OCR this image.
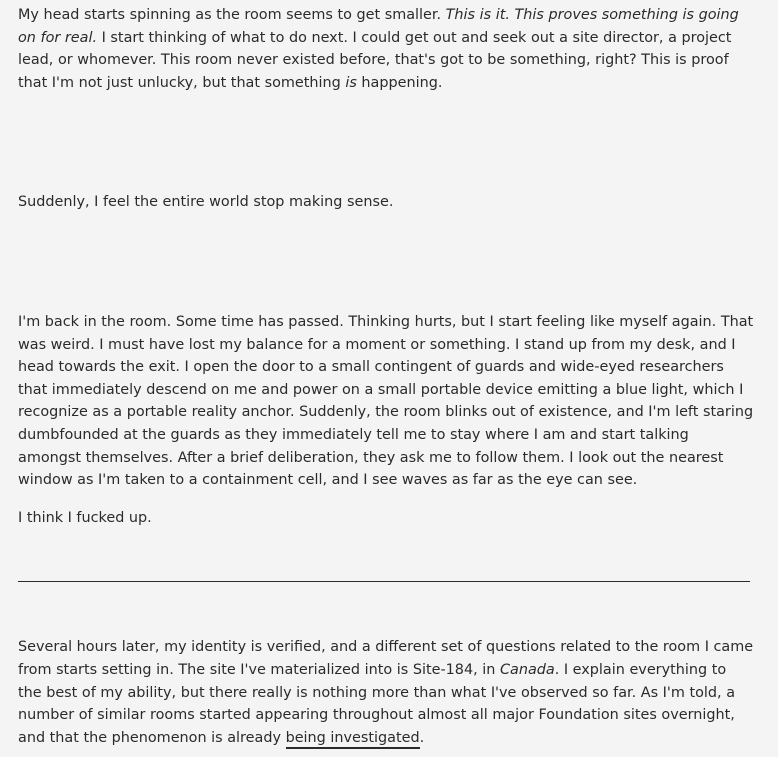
My head starts spinning as the room seems to get smaller. This is it. This proves something is going on for real. I start thinking of what to do next. I could get out and seek out a site director, a project lead, or whomever. This room never existed before, that's got to be something, right? This is proof that I'm not just unlucky, but that something is happening.

Suddenly, I feel the entire world stop making sense.

I'm back in the room. Some time has passed. Thinking hurts, but I start feeling like myself again. That was weird. I must have lost my balance for a moment or something. I stand up from my desk, and I head towards the exit. I open the door to a small contingent of guards and wide-eyed researchers that immediately descend on me and power on a small portable device emitting a blue light, which I recognize as a portable reality anchor. Suddenly, the room blinks out of existence, and I'm left staring dumbfounded at the guards as they immediately tell me to stay where I am and start talking amongst themselves. After a brief deliberation, they ask me to follow them. I look out the nearest window as I'm taken to a containment cell, and I see waves as far as the eye can see.

I think I fucked up.

Several hours later, my identity is verified, and a different set of questions related to the room I came from starts setting in. The site I've materialized into is Site-184, in Canada. I explain everything to the best of my ability, but there really is nothing more than what I've observed so far. As I'm told, a number of similar rooms started appearing throughout almost all major Foundation sites overnight, and that the phenomenon is already being investigated.
